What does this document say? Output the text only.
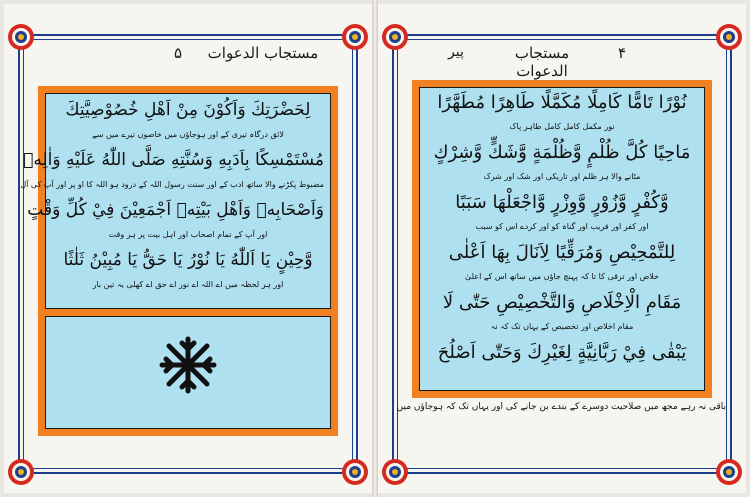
۵ مستجاب الدعوات
لِحَضْرَتِكَ وَاَكُوْنَ مِنْ اَهْلِ خُصُوْصِيَّتِكَ
لائق درگاہ تیری کے اور ہوجاؤں میں خاصوں تیرے میں سے
مُسْتَمْسِكًا بِاَدَبِهِ وَسُنَّتِهِ صَلَّى اللّٰهُ عَلَيْهِ وَاٰلِهٖ
مضبوط پکڑنے والا ساتھ ادب کے اور سنت رسول اللہ کے درود ہو اللہ کا او پر اور آپ کی آل
وَاَصْحَابِهٖ وَاَهْلِ بَيْتِهٖ اَجْمَعِيْنَ فِيْ كُلِّ وَقْتٍ
اور آپ کے تمام اصحاب اور اہل بیت پر ہر وقت
وَّحِيْنٍ يَا اَللّٰهُ يَا نُوْرُ يَا حَقُّ يَا مُبِيْنُ ثَلٰثًا
اور ہر لحظہ میں اے اللہ اے نور اے حق اے کھلی یہ تین بار
پیر	مستجاب الدعوات
۴
نُوْرًا تَامًّا كَامِلًا مُكَمَّلًا طَاهِرًا مُطَهَّرًا
نور مکمل کامل کامل طاہر پاک
مَاحِيًا كُلَّ ظُلْمٍ وَّظُلْمَةٍ وَّشَكٍّ وَّشِرْكٍ
مٹانے والا ہر ظلم اور تاریکی اور شک اور شرک
وَّكُفْرٍ وَّزُوْرٍ وَّوِزْرٍ وَّاجْعَلْهَا سَبَبًا
اور کفر اور فریب اور گناہ کو اور کردے اس کو سبب
لِلتَّمْحِيْصِ وَمُرَقِّيًا لِاَنَالَ بِهَا اَعْلٰى
خلاص اور ترقی کا تا کہ پہنچ جاؤں میں ساتھ اس کے اعلیٰ
مَقَامِ الْاِخْلَاصِ وَالتَّخْصِيْصِ حَتّٰى لَا
مقام اخلاص اور تخصیص کے یہاں تک کہ نہ
يَبْقٰى فِيْ رَبَّانِيَّةٍ لِغَيْرِكَ وَحَتّٰى اَصْلُحَ
باقی نہ رہے مجھ میں صلاحیت دوسرے کے بندے بن جانے کی اور یہاں تک کہ ہوجاؤں میں
